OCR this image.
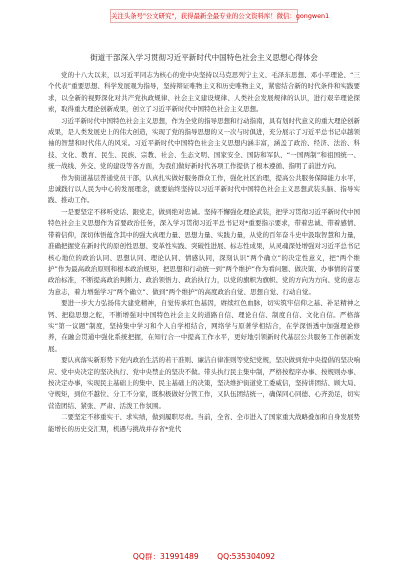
关注头条号"公文研究"，获得最新全最专业的公文资料库！微信：gongwen1
街道干部深入学习贯彻习近平新时代中国特色社会主义思想心得体会

党的十八大以来，以习近平同志为核心的党中央坚持以马克思列宁主义、毛泽东思想、邓小平理论、“三个代表”重要思想、科学发展观为指导，坚持辩证唯物主义和历史唯物主义，紧密结合新的时代条件和实践要求，以全新的视野深化对共产党执政规律、社会主义建设规律、人类社会发展规律的认识，进行艰辛理论探索，取得重大理论创新成果，创立了习近平新时代中国特色社会主义思想。

习近平新时代中国特色社会主义思想，作为全党的指导思想和行动指南，具有划时代意义的重大理论创新成果，是人类发展史上的伟大创造，实现了党的指导思想的又一次与时俱进，充分展示了习近平总书记卓越领袖的智慧和时代伟人的风采。习近平新时代中国特色社会主义思想内涵丰富，涵盖了政治、经济、法治、科技、文化、教育、民生、民族、宗教、社会、生态文明、国家安全、国防和军队、“一国两制”和祖国统一、统一战线、外交、党的建设等各方面，为我们做好新时代各项工作提供了根本遵循、指明了前进方向。

作为街道基层普通党员干部，认真扎实做好服务群众工作，强化社区治理，提高公共服务保障能力水平，忠诚践行以人民为中心的发展理念，就要始终坚持以习近平新时代中国特色社会主义思想武装头脑、指导实践、推动工作。

一是要坚定不移听党话、跟党走，做到绝对忠诚。坚持不懈强化理论武装，把学习贯彻习近平新时代中国特色社会主义思想作为首要政治任务，深入学习贯彻习近平总书记对*重要指示要求，带着忠诚、带着感情、带着信仰，深切体悟蕴含其中的强大真理力量、思想力量、实践力量，从党的百年奋斗史中汲取智慧和力量，准确把握党在新时代的原创性思想、变革性实践、突破性进展、标志性成果，从灵魂深处增强对习近平总书记核心地位的政治认同、思想认同、理论认同、情感认同，深刻认识“两个确立”的决定性意义，把“两个维护”作为最高政治原则和根本政治规矩，把思想和行动统一到“两个维护”作为看问题、做决策、办事情的首要政治标准，不断提高政治判断力、政治领悟力、政治执行力，以党的旗帜为旗帜、党的方向为方向、党的意志为意志，着力增强学习“两个确立”、做到“两个维护”的高度政治自觉、思想自觉、行动自觉。

要进一步大力弘扬伟大建党精神，自觉传承红色基因，赓续红色血脉，切实筑牢信仰之基、补足精神之钙、把稳思想之舵，不断增强对中国特色社会主义的道路自信、理论自信、制度自信、文化自信。严格落实“第一议题”制度，坚持集中学习和个人自学相结合，网络学与原著学相结合，在学深悟透中加强理论修养，在融会贯通中强化系统把握，在知行合一中提高工作水平，更好地引领新时代基层公共服务工作创新发展。

要认真落实新形势下党内政治生活的若干准则、廉洁自律准则等党纪党规，坚决做到党中央提倡的坚决响应、党中央决定的坚决执行、党中央禁止的坚决不做。带头执行民主集中制，严格按程序办事、按规则办事、按决定办事，实现民主基础上的集中、民主基础上的决策，坚决维护街道党工委威信，坚持讲团结、顾大局、守规矩，到位不越位、分工不分家，既积极做好分管工作，又队伍团结统一，确保同心同德、心齐劲足，切实营造团结、紧张、严肃、活泼工作氛围。

二要坚定不移重实干、求实绩，做到履职尽责。当前，全省、全市进入了国家重大战略叠加和自身发展势能增长的历史交汇期，机遇与挑战并存省*党代

QQ群：31991489 QQ:535304092
